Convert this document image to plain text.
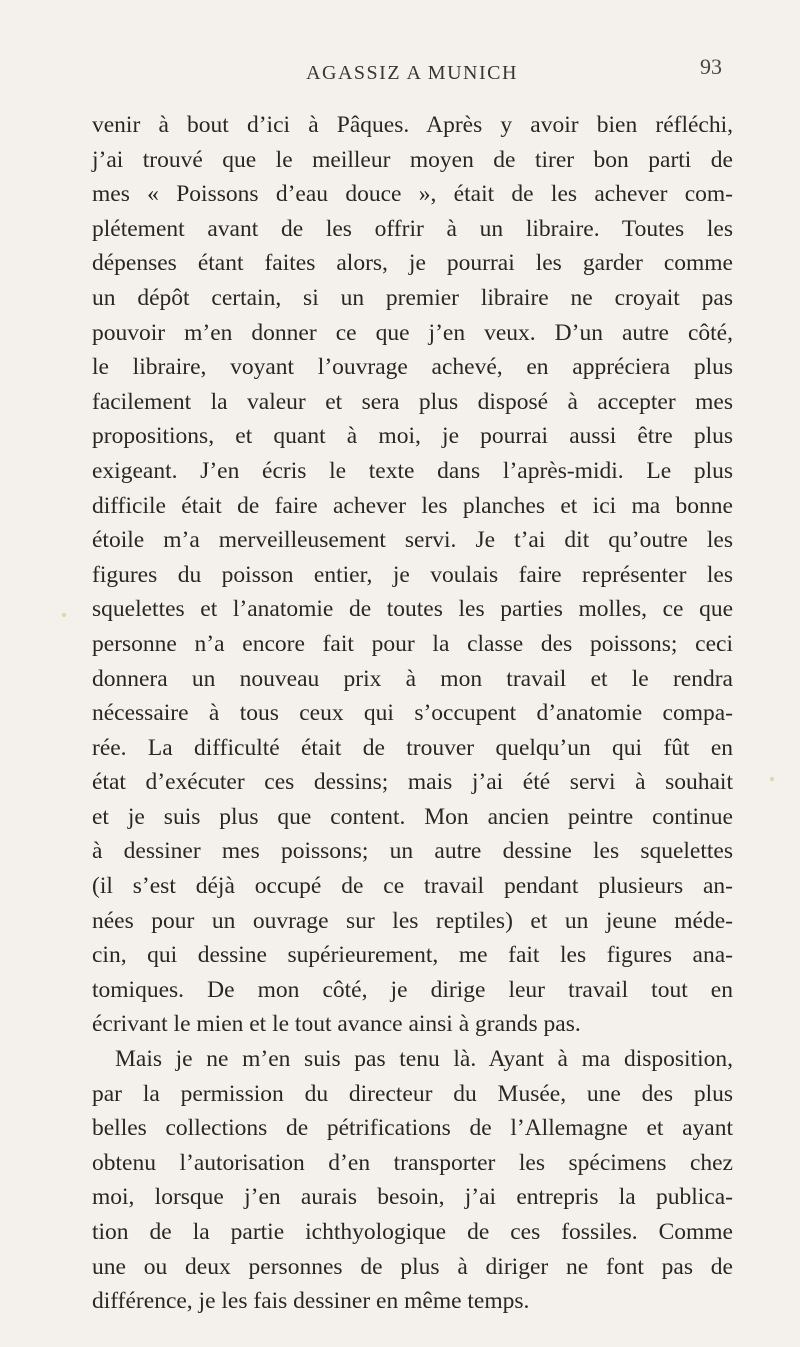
AGASSIZ A MUNICH	93
venir à bout d’ici à Pâques. Après y avoir bien réfléchi,
j’ai trouvé que le meilleur moyen de tirer bon parti de
mes « Poissons d’eau douce », était de les achever com-
plétement avant de les offrir à un libraire. Toutes les
dépenses étant faites alors, je pourrai les garder comme
un dépôt certain, si un premier libraire ne croyait pas
pouvoir m’en donner ce que j’en veux. D’un autre côté,
le libraire, voyant l’ouvrage achevé, en appréciera plus
facilement la valeur et sera plus disposé à accepter mes
propositions, et quant à moi, je pourrai aussi être plus
exigeant. J’en écris le texte dans l’après-midi. Le plus
difficile était de faire achever les planches et ici ma bonne
étoile m’a merveilleusement servi. Je t’ai dit qu’outre les
figures du poisson entier, je voulais faire représenter les
squelettes et l’anatomie de toutes les parties molles, ce que
personne n’a encore fait pour la classe des poissons; ceci
donnera un nouveau prix à mon travail et le rendra
nécessaire à tous ceux qui s’occupent d’anatomie compa-
rée. La difficulté était de trouver quelqu’un qui fût en
état d’exécuter ces dessins; mais j’ai été servi à souhait
et je suis plus que content. Mon ancien peintre continue
à dessiner mes poissons; un autre dessine les squelettes
(il s’est déjà occupé de ce travail pendant plusieurs an-
nées pour un ouvrage sur les reptiles) et un jeune méde-
cin, qui dessine supérieurement, me fait les figures ana-
tomiques. De mon côté, je dirige leur travail tout en
écrivant le mien et le tout avance ainsi à grands pas.
Mais je ne m’en suis pas tenu là. Ayant à ma disposition,
par la permission du directeur du Musée, une des plus
belles collections de pétrifications de l’Allemagne et ayant
obtenu l’autorisation d’en transporter les spécimens chez
moi, lorsque j’en aurais besoin, j’ai entrepris la publica-
tion de la partie ichthyologique de ces fossiles. Comme
une ou deux personnes de plus à diriger ne font pas de
différence, je les fais dessiner en même temps.
